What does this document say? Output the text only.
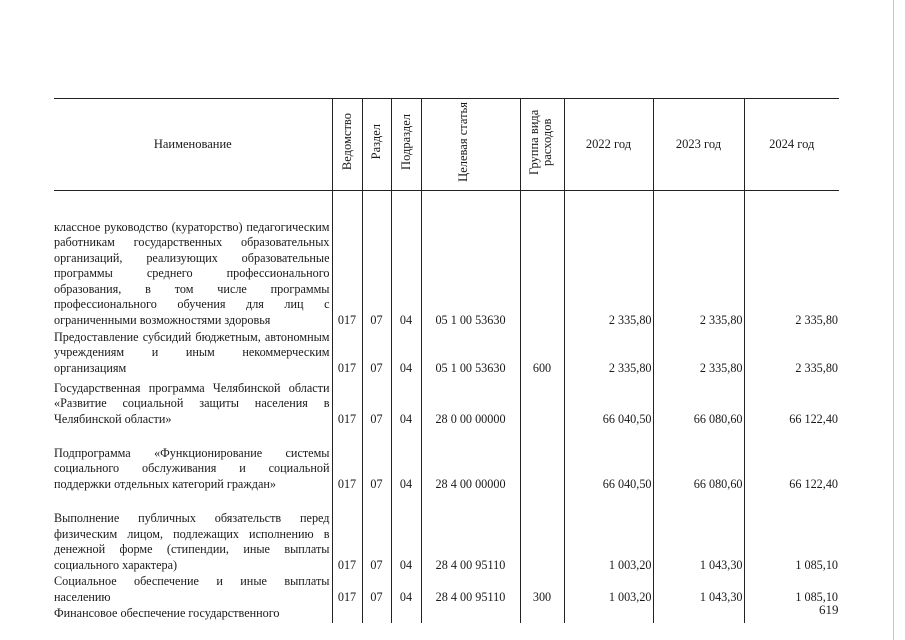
Наименование	Ведомство	Раздел	Подраздел	Целевая статья	Группа вида расходов	2022 год	2023 год	2024 год
классное руководство (кураторство) педагогическим работникам государственных образовательных организаций, реализующих образовательные программы среднего профессионального образования, в том числе программы профессионального обучения для лиц с ограниченными возможностями здоровья	017	07	04	05 1 00 53630		2 335,80	2 335,80	2 335,80
Предоставление субсидий бюджетным, автономным учреждениям и иным некоммерческим организациям	017	07	04	05 1 00 53630	600	2 335,80	2 335,80	2 335,80
Государственная программа Челябинской области «Развитие социальной защиты населения в Челябинской области»	017	07	04	28 0 00 00000		66 040,50	66 080,60	66 122,40
Подпрограмма «Функционирование системы социального обслуживания и социальной поддержки отдельных категорий граждан»	017	07	04	28 4 00 00000		66 040,50	66 080,60	66 122,40
Выполнение публичных обязательств перед физическим лицом, подлежащих исполнению в денежной форме (стипендии, иные выплаты социального характера)	017	07	04	28 4 00 95110		1 003,20	1 043,30	1 085,10
Социальное обеспечение и иные выплаты населению	017	07	04	28 4 00 95110	300	1 003,20	1 043,30	1 085,10
Финансовое обеспечение государственного									619
